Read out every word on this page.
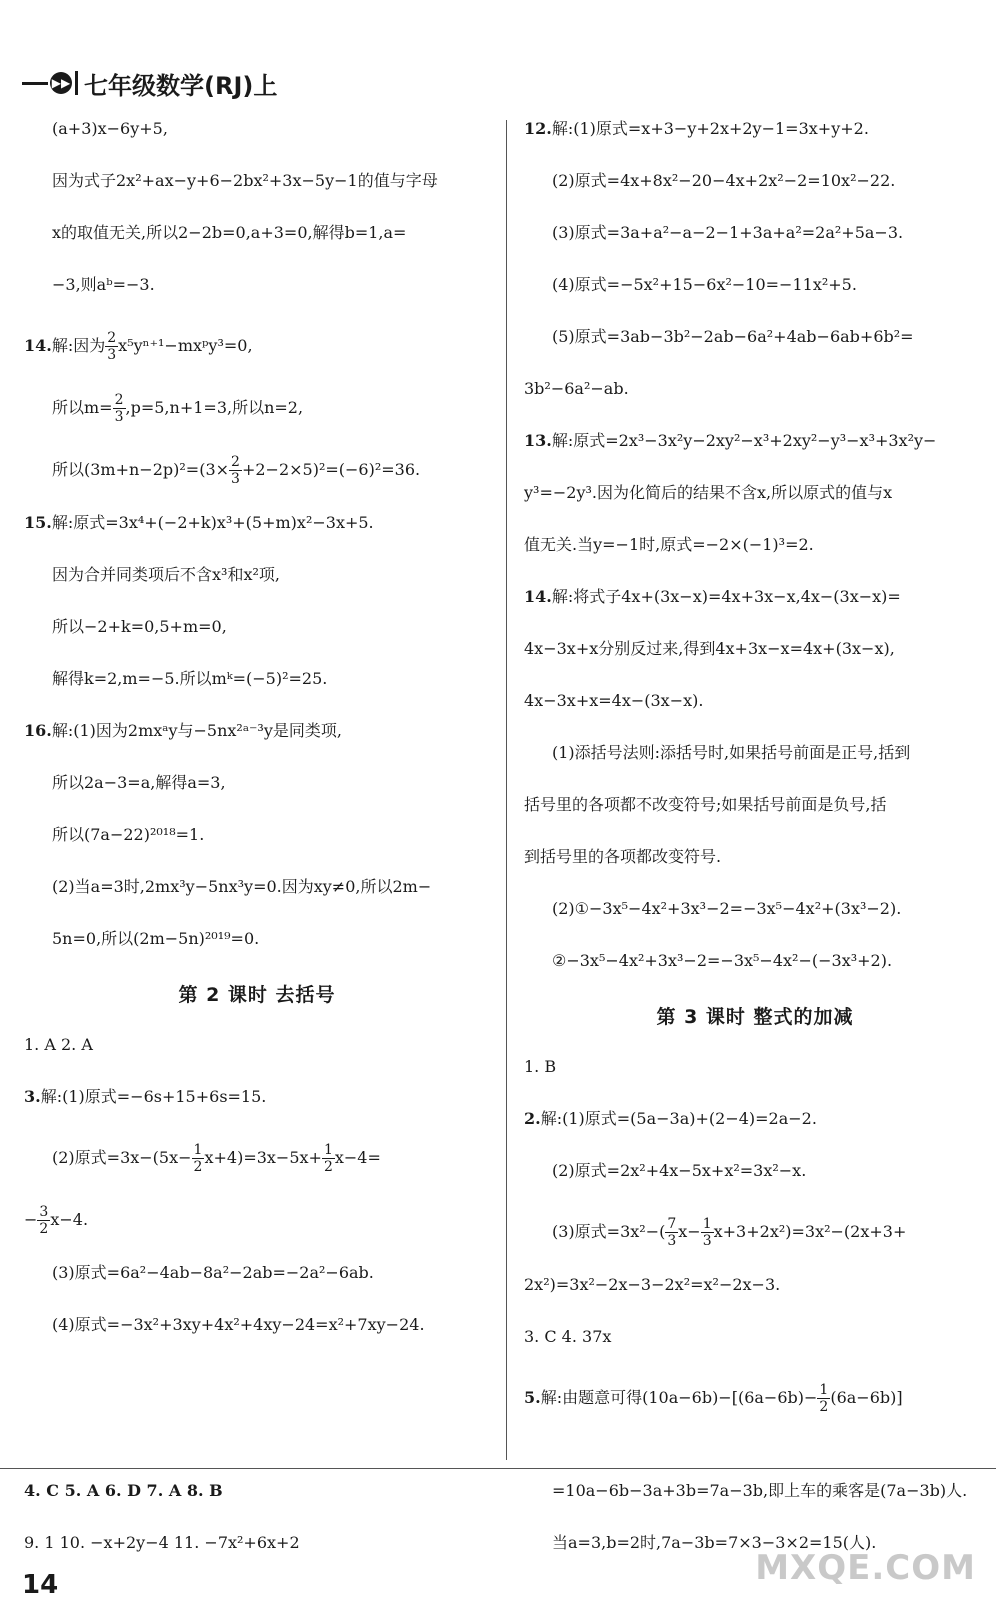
▶▶ 七年级数学(RJ)上
(a+3)x−6y+5,
因为式子2x²+ax−y+6−2bx²+3x−5y−1的值与字母
x的取值无关,所以2−2b=0,a+3=0,解得b=1,a=
−3,则aᵇ=−3.
14.解:因为 $\frac{2}{3}$ x⁵yⁿ⁺¹−mxᵖy³=0,
所以$m= \frac{2}{3} ,p=5,n+1=3$,所以n=2,
所以$(3m+n-2p)^2=(3\times \frac{2}{3} +2-2\times 5)^2=(-6)^2=36$.
15.解:原式=3x⁴+(−2+k)x³+(5+m)x²−3x+5.
因为合并同类项后不含x³和x²项,
所以−2+k=0,5+m=0,
解得k=2,m=−5.所以mᵏ=(−5)²=25.
16.解:(1)因为2mxᵃy与−5nx²ᵃ⁻³y是同类项,
所以2a−3=a,解得a=3,
所以(7a−22)²⁰¹⁸=1.
(2)当a=3时,2mx³y−5nx³y=0.因为xy≠0,所以2m−
5n=0,所以(2m−5n)²⁰¹⁹=0.
第 2 课时 去括号
1. A 2. A
3.解:(1)原式=−6s+15+6s=15.
(2)原式$=3x-(5x- \frac{1}{2} x+4)=3x-5x+ \frac{1}{2} x-4=$
− $\frac{3}{2} x-4$.
(3)原式=6a²−4ab−8a²−2ab=−2a²−6ab.
(4)原式=−3x²+3xy+4x²+4xy−24=x²+7xy−24.
12.解:(1)原式=x+3−y+2x+2y−1=3x+y+2.
(2)原式=4x+8x²−20−4x+2x²−2=10x²−22.
(3)原式=3a+a²−a−2−1+3a+a²=2a²+5a−3.
(4)原式=−5x²+15−6x²−10=−11x²+5.
(5)原式=3ab−3b²−2ab−6a²+4ab−6ab+6b²=
3b²−6a²−ab.
13.解:原式=2x³−3x²y−2xy²−x³+2xy²−y³−x³+3x²y−
y³=−2y³.因为化简后的结果不含x,所以原式的值与x
值无关.当y=−1时,原式=−2×(−1)³=2.
14.解:将式子4x+(3x−x)=4x+3x−x,4x−(3x−x)=
4x−3x+x分别反过来,得到4x+3x−x=4x+(3x−x),
4x−3x+x=4x−(3x−x).
(1)添括号法则:添括号时,如果括号前面是正号,括到
括号里的各项都不改变符号;如果括号前面是负号,括
到括号里的各项都改变符号.
(2)①−3x⁵−4x²+3x³−2=−3x⁵−4x²+(3x³−2).
②−3x⁵−4x²+3x³−2=−3x⁵−4x²−(−3x³+2).
第 3 课时 整式的加减
1. B
2.解:(1)原式=(5a−3a)+(2−4)=2a−2.
(2)原式=2x²+4x−5x+x²=3x²−x.
(3)原式$=3x^2-( \frac{7}{3} x- \frac{1}{3} x+3+2x^2)=3x^2-(2x+3+$
2x²)=3x²−2x−3−2x²=x²−2x−3.
3. C 4. 37x
5.解:由题意可得$(10a-6b)-[(6a-6b)- \frac{1}{2} (6a-6b)]$
4. C 5. A 6. D 7. A 8. B
9. 1 10. −x+2y−4 11. −7x²+6x+2
=10a−6b−3a+3b=7a−3b,即上车的乘客是(7a−3b)人.
当a=3,b=2时,7a−3b=7×3−3×2=15(人).
14	MXQE.COM
